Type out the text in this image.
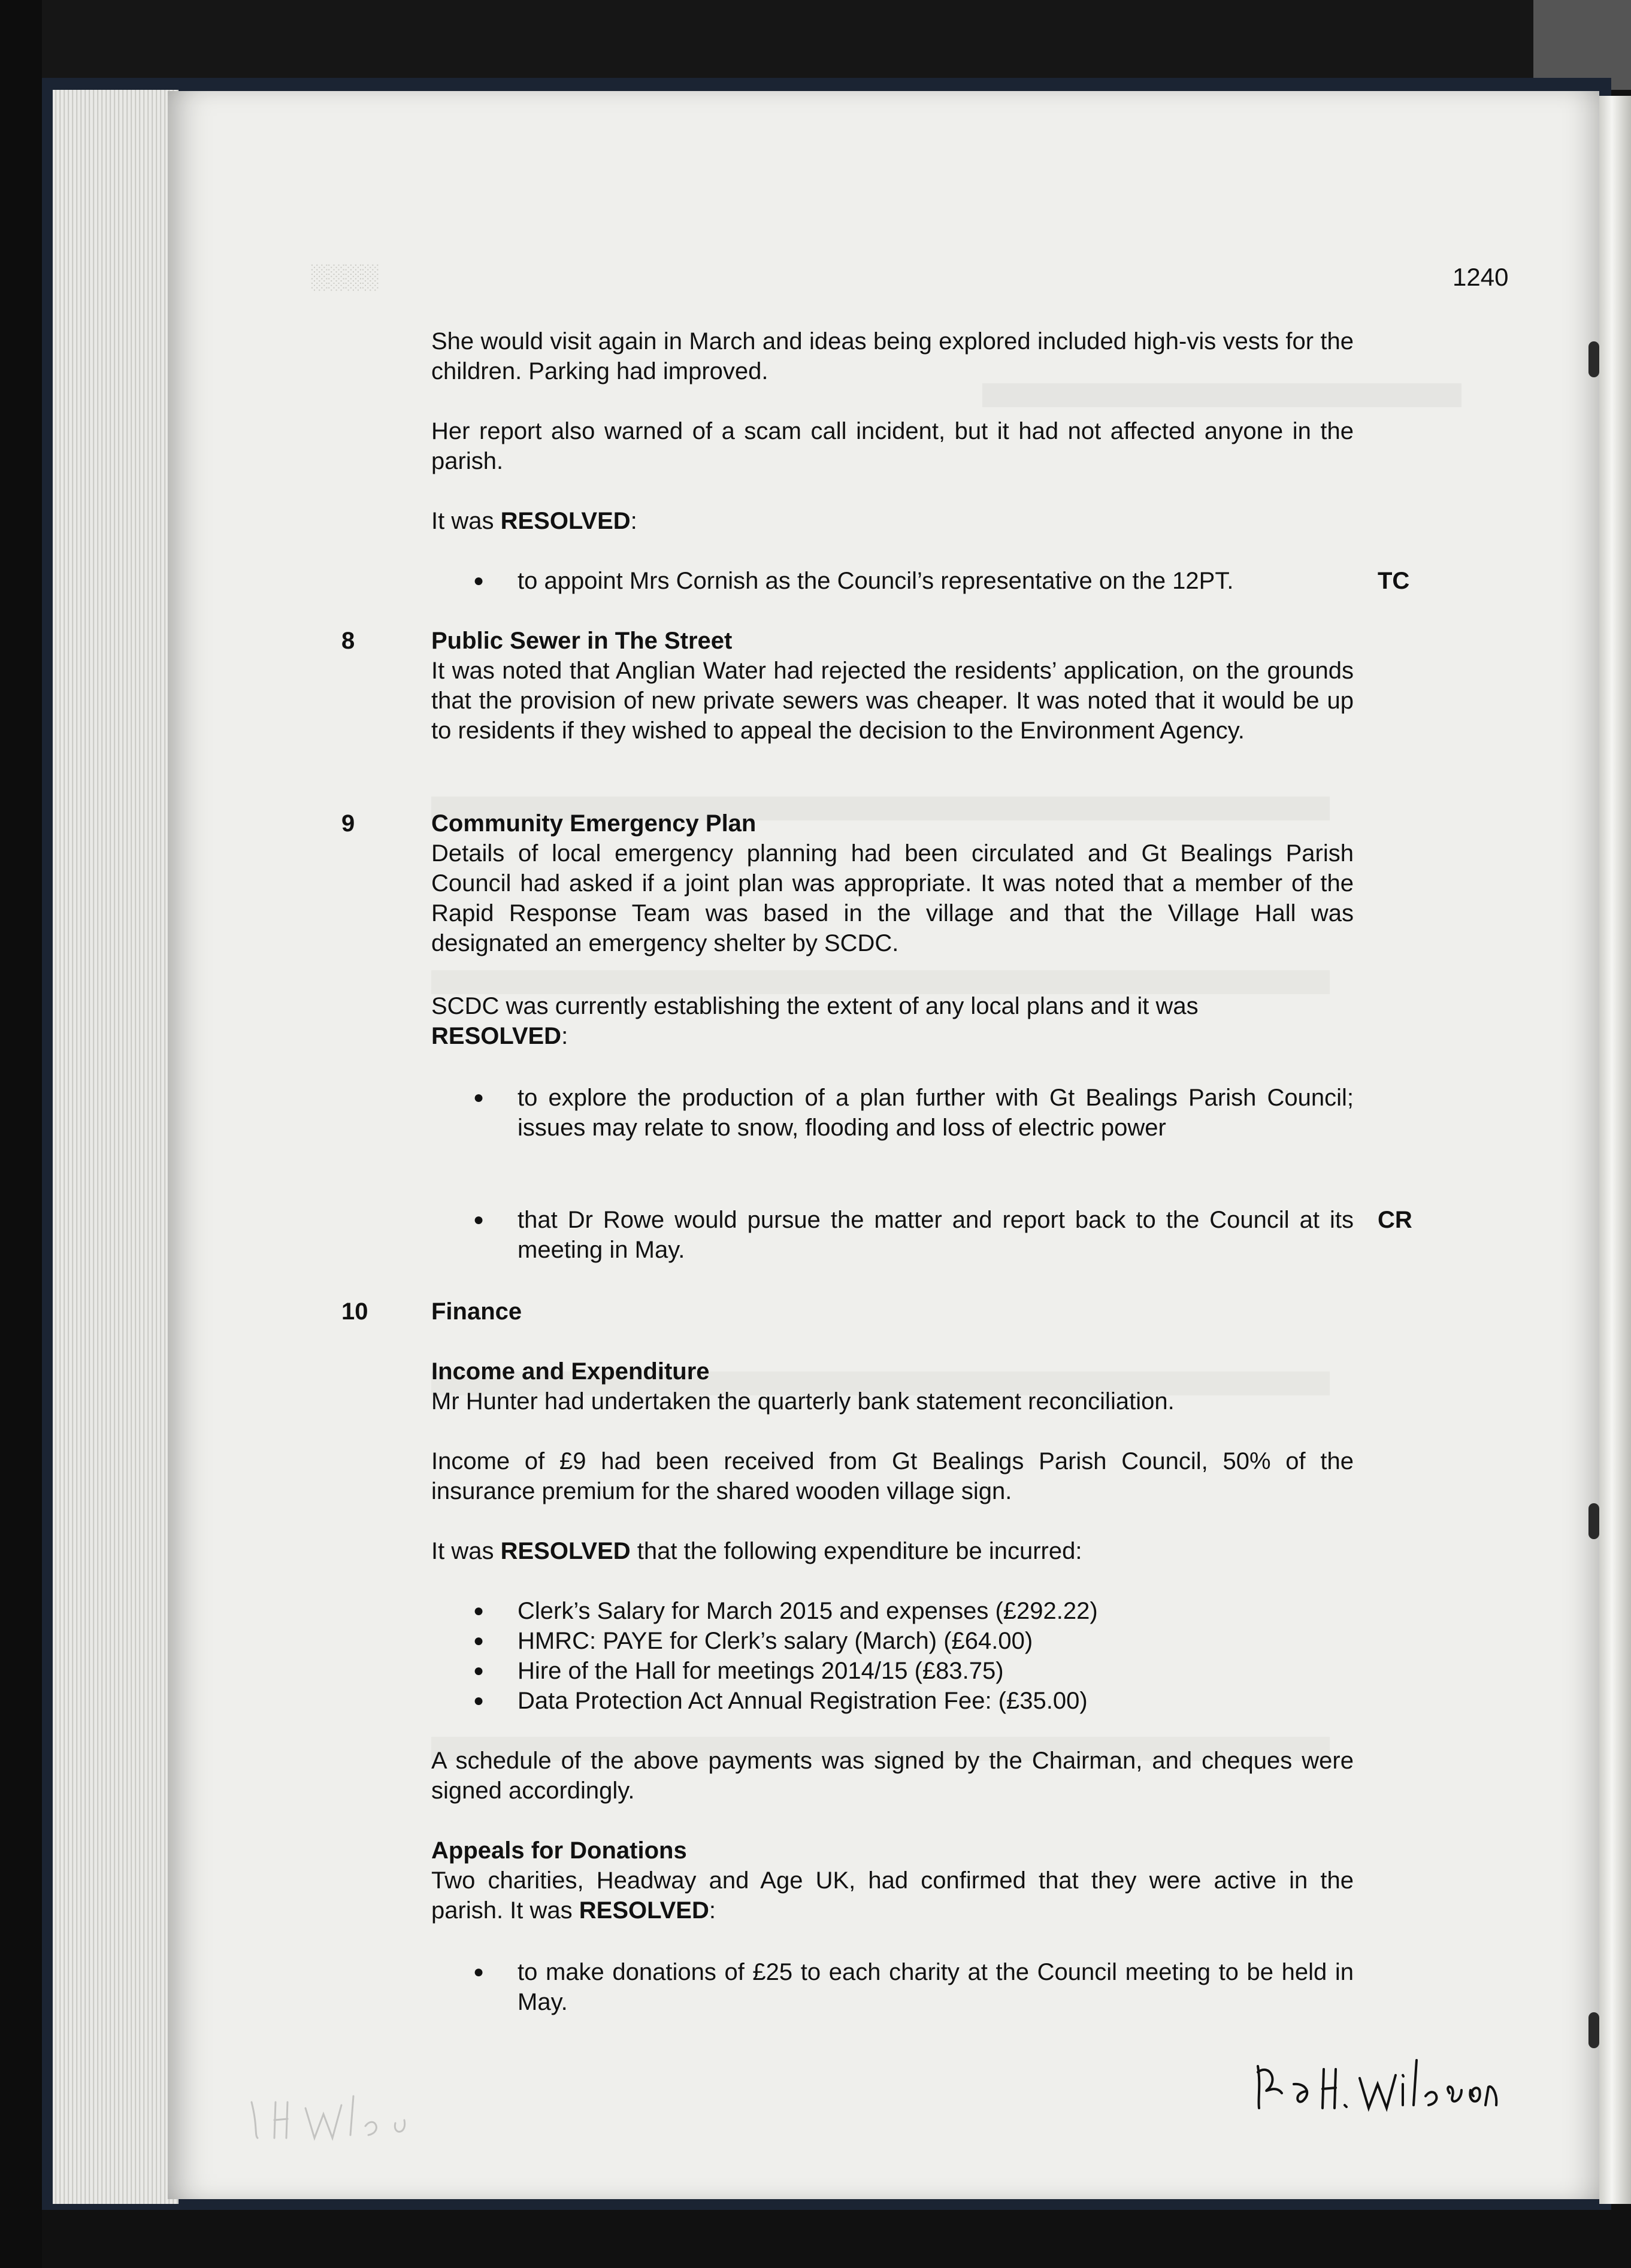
░░░░	1240
She would visit again in March and ideas being explored included high-vis vests for the children. Parking had improved.
Her report also warned of a scam call incident, but it had not affected anyone in the parish.
It was RESOLVED:
●
to appoint Mrs Cornish as the Council’s representative on the 12PT.	TC
8	Public Sewer in The Street
It was noted that Anglian Water had rejected the residents’ application, on the grounds that the provision of new private sewers was cheaper. It was noted that it would be up to residents if they wished to appeal the decision to the Environment Agency.
9	Community Emergency Plan
Details of local emergency planning had been circulated and Gt Bealings Parish Council had asked if a joint plan was appropriate. It was noted that a member of the Rapid Response Team was based in the village and that the Village Hall was designated an emergency shelter by SCDC.
SCDC was currently establishing the extent of any local plans and it was
RESOLVED:
●
to explore the production of a plan further with Gt Bealings Parish Council; issues may relate to snow, flooding and loss of electric power
●
that Dr Rowe would pursue the matter and report back to the Council at its meeting in May.
CR
10	Finance
Income and Expenditure
Mr Hunter had undertaken the quarterly bank statement reconciliation.
Income of £9 had been received from Gt Bealings Parish Council, 50% of the insurance premium for the shared wooden village sign.
It was RESOLVED that the following expenditure be incurred:
●
Clerk’s Salary for March 2015 and expenses (£292.22)
●
HMRC: PAYE for Clerk’s salary (March) (£64.00)
●
Hire of the Hall for meetings 2014/15 (£83.75)
●
Data Protection Act Annual Registration Fee: (£35.00)
A schedule of the above payments was signed by the Chairman, and cheques were signed accordingly.
Appeals for Donations
Two charities, Headway and Age UK, had confirmed that they were active in the parish. It was RESOLVED:
●
to make donations of £25 to each charity at the Council meeting to be held in May.
